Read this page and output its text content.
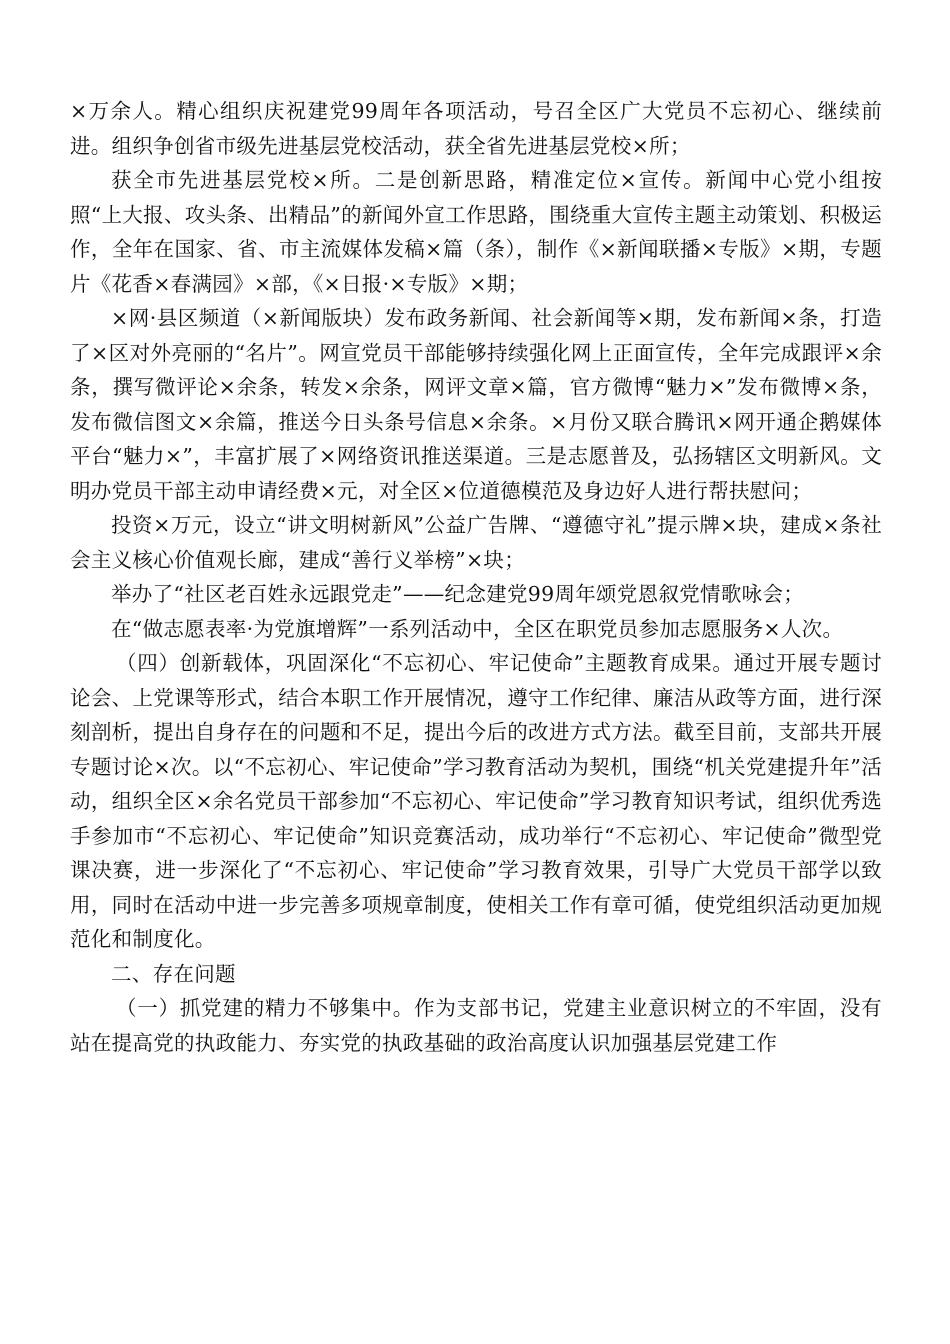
×万余人。精心组织庆祝建党99周年各项活动，号召全区广大党员不忘初心、继续前进。组织争创省市级先进基层党校活动，获全省先进基层党校×所；

获全市先进基层党校×所。二是创新思路，精准定位×宣传。新闻中心党小组按照“上大报、攻头条、出精品”的新闻外宣工作思路，围绕重大宣传主题主动策划、积极运作，全年在国家、省、市主流媒体发稿×篇（条），制作《×新闻联播×专版》×期，专题片《花香×春满园》×部，《×日报·×专版》×期；

×网·县区频道（×新闻版块）发布政务新闻、社会新闻等×期，发布新闻×条，打造了×区对外亮丽的“名片”。网宣党员干部能够持续强化网上正面宣传，全年完成跟评×余条，撰写微评论×余条，转发×余条，网评文章×篇，官方微博“魅力×”发布微博×条，发布微信图文×余篇，推送今日头条号信息×余条。×月份又联合腾讯×网开通企鹅媒体平台“魅力×”，丰富扩展了×网络资讯推送渠道。三是志愿普及，弘扬辖区文明新风。文明办党员干部主动申请经费×元，对全区×位道德模范及身边好人进行帮扶慰问；

投资×万元，设立“讲文明树新风”公益广告牌、“遵德守礼”提示牌×块，建成×条社会主义核心价值观长廊，建成“善行义举榜”×块；

举办了“社区老百姓永远跟党走”——纪念建党99周年颂党恩叙党情歌咏会；

在“做志愿表率·为党旗增辉”一系列活动中，全区在职党员参加志愿服务×人次。

（四）创新载体，巩固深化“不忘初心、牢记使命”主题教育成果。通过开展专题讨论会、上党课等形式，结合本职工作开展情况，遵守工作纪律、廉洁从政等方面，进行深刻剖析，提出自身存在的问题和不足，提出今后的改进方式方法。截至目前，支部共开展专题讨论×次。以“不忘初心、牢记使命”学习教育活动为契机，围绕“机关党建提升年”活动，组织全区×余名党员干部参加“不忘初心、牢记使命”学习教育知识考试，组织优秀选手参加市“不忘初心、牢记使命”知识竞赛活动，成功举行“不忘初心、牢记使命”微型党课决赛，进一步深化了“不忘初心、牢记使命”学习教育效果，引导广大党员干部学以致用，同时在活动中进一步完善多项规章制度，使相关工作有章可循，使党组织活动更加规范化和制度化。

二、存在问题

（一）抓党建的精力不够集中。作为支部书记，党建主业意识树立的不牢固，没有站在提高党的执政能力、夯实党的执政基础的政治高度认识加强基层党建工作
